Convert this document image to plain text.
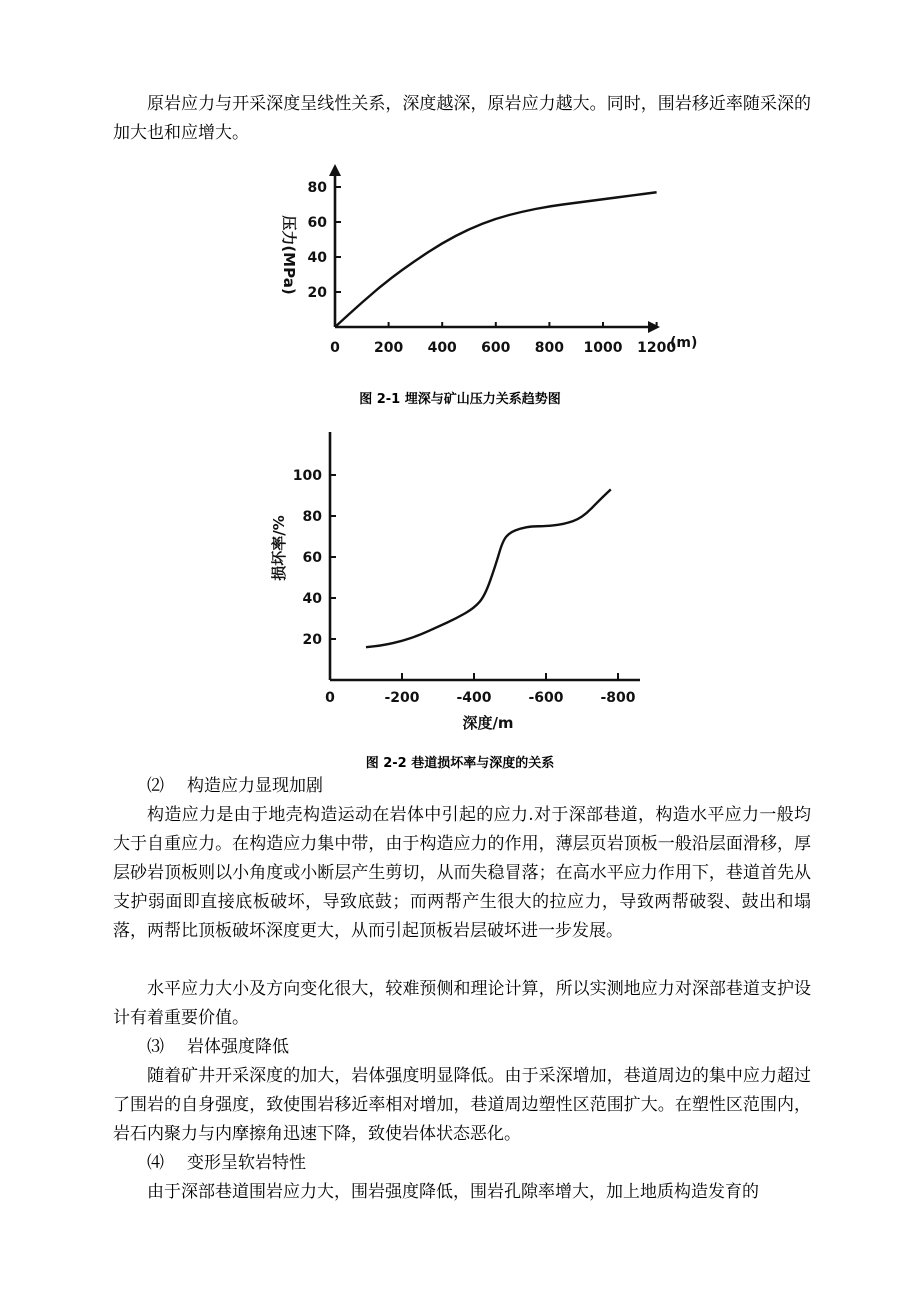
原岩应力与开采深度呈线性关系，深度越深，原岩应力越大。同时，围岩移近率随采深的加大也和应增大。

0 200 400 600 800 1000 1200
20
40
60
80
(m)
压力(MPa)
图 2-1 埋深与矿山压力关系趋势图
0	-200	-400	-600	-800
20
40
60
80
100
深度/m
损坏率/%
图 2-2 巷道损坏率与深度的关系

⑵ 构造应力显现加剧

构造应力是由于地壳构造运动在岩体中引起的应力.对于深部巷道，构造水平应力一般均大于自重应力。在构造应力集中带，由于构造应力的作用，薄层页岩顶板一般沿层面滑移，厚层砂岩顶板则以小角度或小断层产生剪切，从而失稳冒落；在高水平应力作用下，巷道首先从支护弱面即直接底板破坏，导致底鼓；而两帮产生很大的拉应力，导致两帮破裂、鼓出和塌落，两帮比顶板破坏深度更大，从而引起顶板岩层破坏进一步发展。

水平应力大小及方向变化很大，较难预侧和理论计算，所以实测地应力对深部巷道支护设计有着重要价值。

⑶ 岩体强度降低

随着矿井开采深度的加大，岩体强度明显降低。由于采深增加，巷道周边的集中应力超过了围岩的自身强度，致使围岩移近率相对增加，巷道周边塑性区范围扩大。在塑性区范围内，岩石内聚力与内摩擦角迅速下降，致使岩体状态恶化。

⑷ 变形呈软岩特性

由于深部巷道围岩应力大，围岩强度降低，围岩孔隙率增大，加上地质构造发育的
